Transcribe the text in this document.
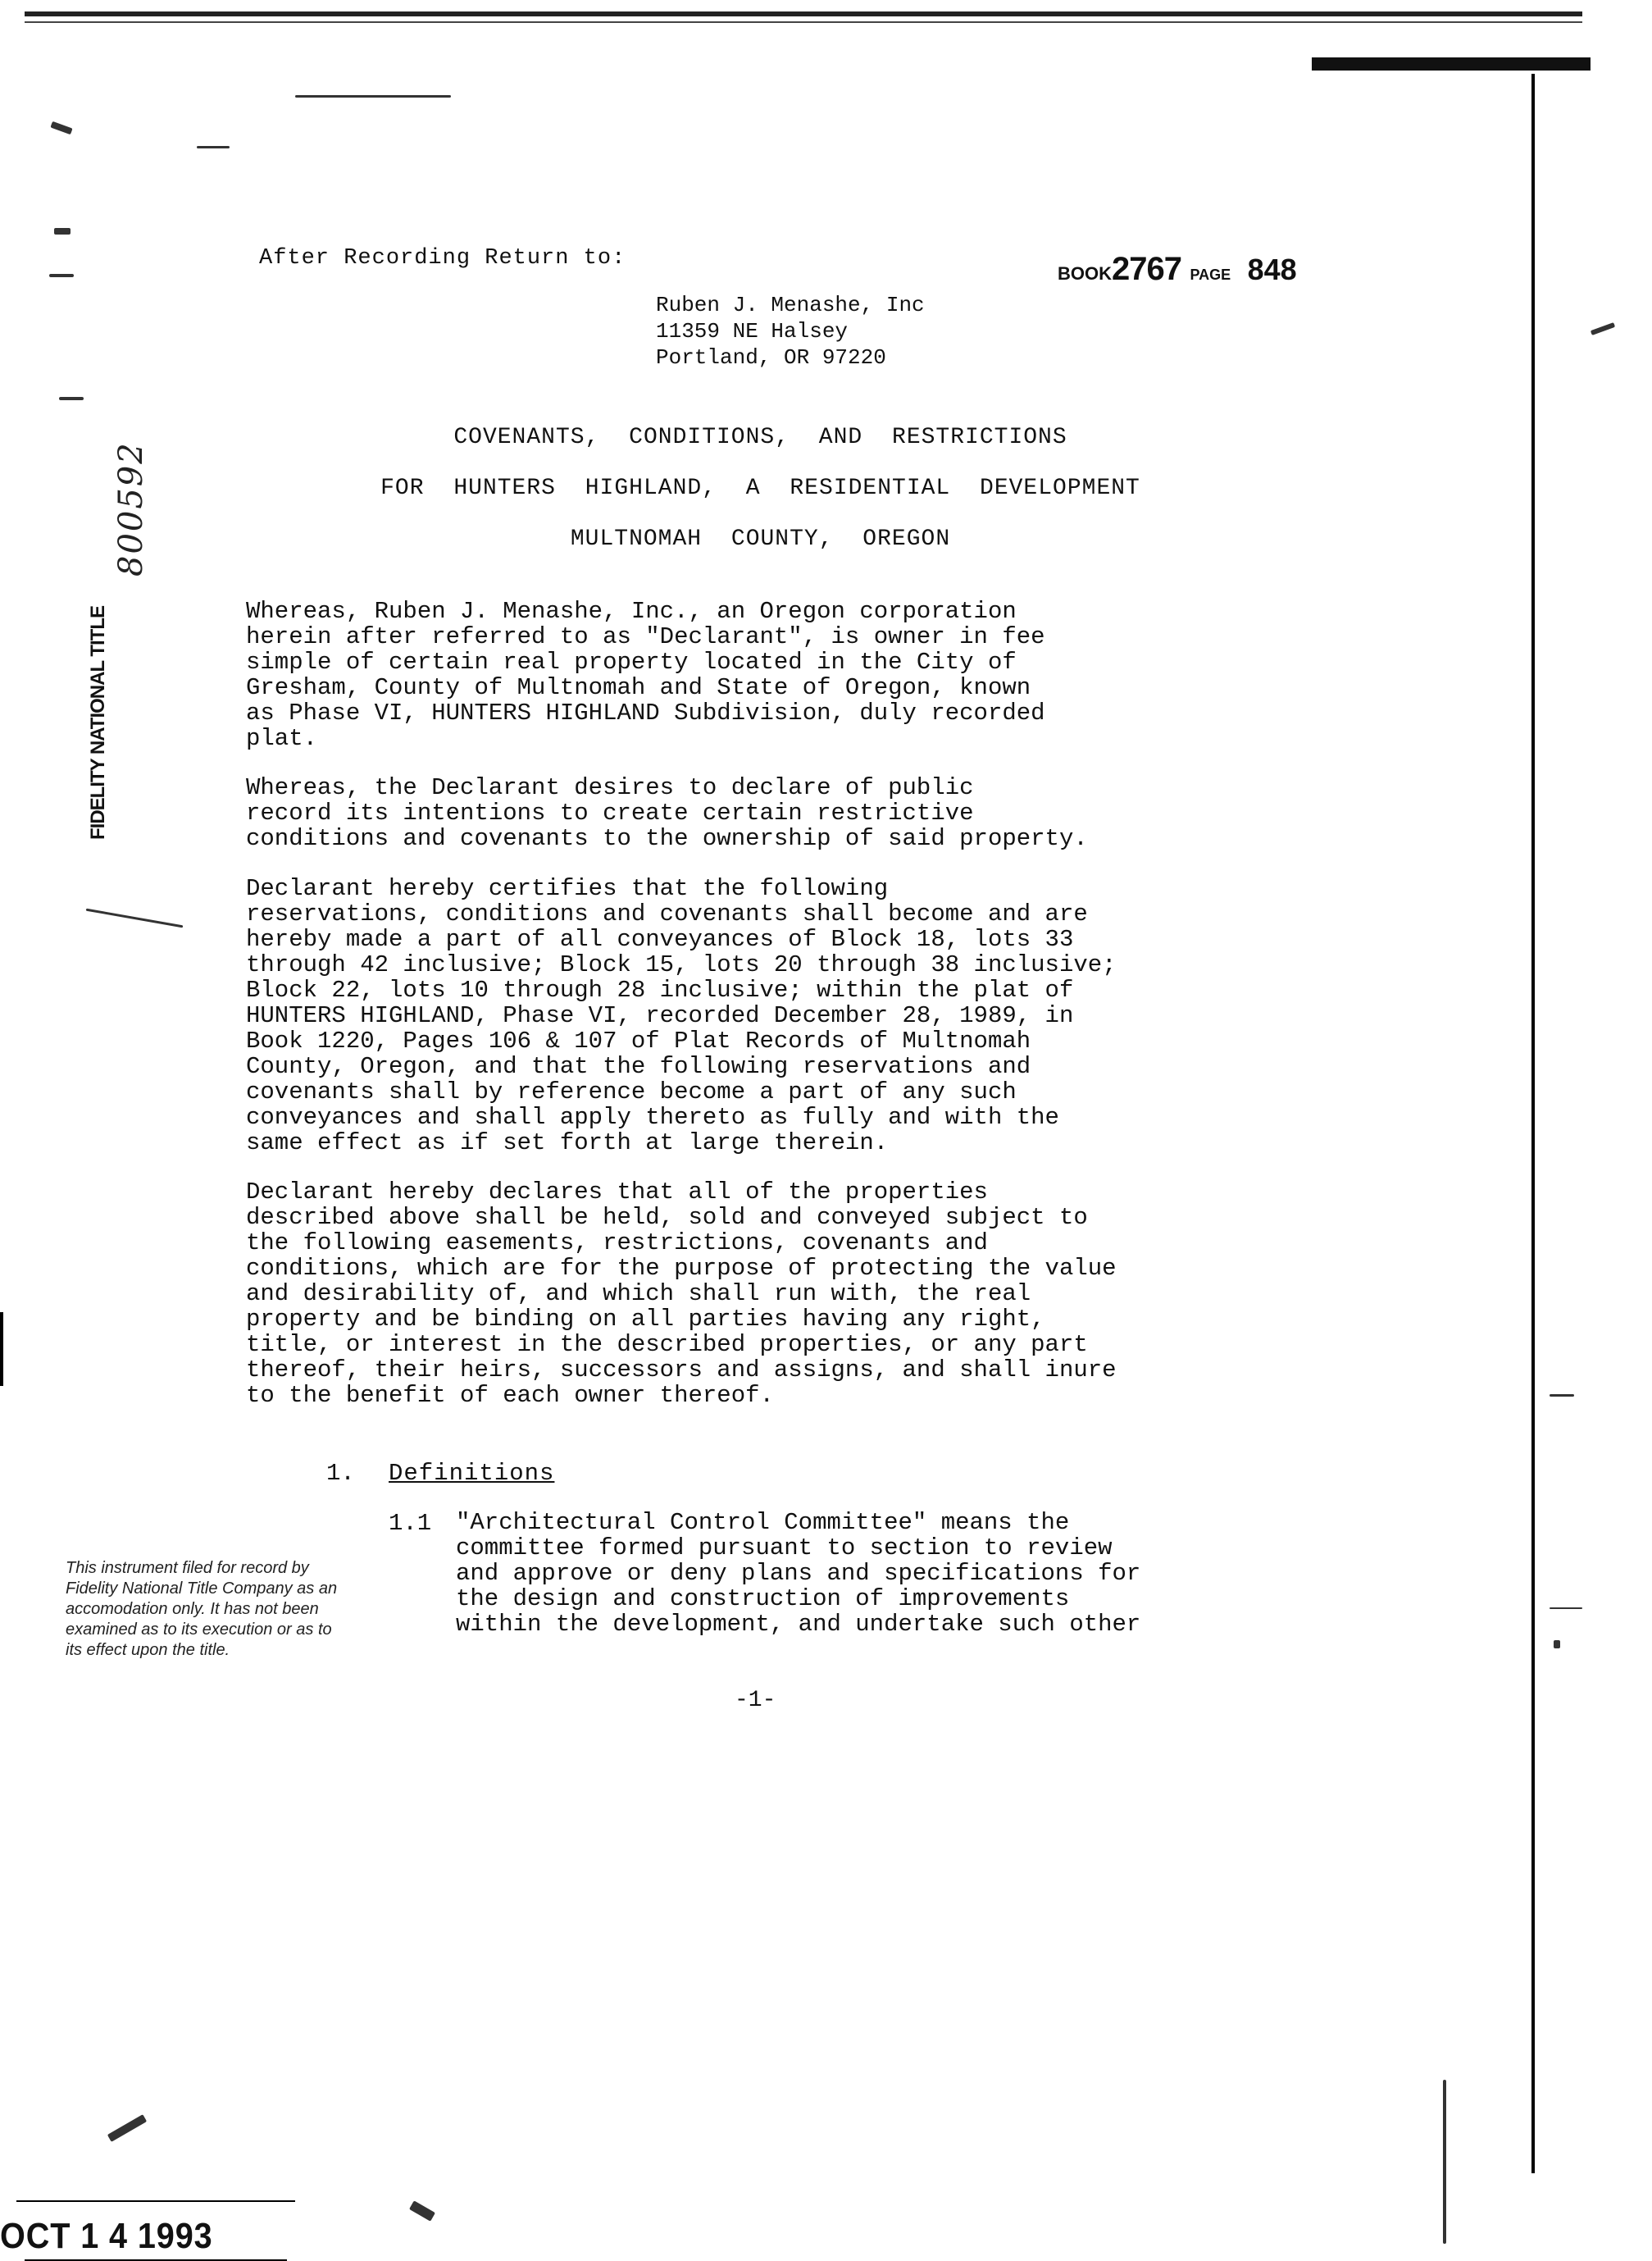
After Recording Return to:
BOOK2767 PAGE 848
Ruben J. Menashe, Inc
11359 NE Halsey
Portland, OR 97220
COVENANTS, CONDITIONS, AND RESTRICTIONS
FOR HUNTERS HIGHLAND, A RESIDENTIAL DEVELOPMENT
MULTNOMAH COUNTY, OREGON
Whereas, Ruben J. Menashe, Inc., an Oregon corporation
herein after referred to as "Declarant", is owner in fee
simple of certain real property located in the City of
Gresham, County of Multnomah and State of Oregon, known
as Phase VI, HUNTERS HIGHLAND Subdivision, duly recorded
plat.
Whereas, the Declarant desires to declare of public
record its intentions to create certain restrictive
conditions and covenants to the ownership of said property.
Declarant hereby certifies that the following
reservations, conditions and covenants shall become and are
hereby made a part of all conveyances of Block 18, lots 33
through 42 inclusive; Block 15, lots 20 through 38 inclusive;
Block 22, lots 10 through 28 inclusive; within the plat of
HUNTERS HIGHLAND, Phase VI, recorded December 28, 1989, in
Book 1220, Pages 106 & 107 of Plat Records of Multnomah
County, Oregon, and that the following reservations and
covenants shall by reference become a part of any such
conveyances and shall apply thereto as fully and with the
same effect as if set forth at large therein.
Declarant hereby declares that all of the properties
described above shall be held, sold and conveyed subject to
the following easements, restrictions, covenants and
conditions, which are for the purpose of protecting the value
and desirability of, and which shall run with, the real
property and be binding on all parties having any right,
title, or interest in the described properties, or any part
thereof, their heirs, successors and assigns, and shall inure
to the benefit of each owner thereof.
1. Definitions
1.1 "Architectural Control Committee" means the
committee formed pursuant to section to review
and approve or deny plans and specifications for
the design and construction of improvements
within the development, and undertake such other
This instrument filed for record by
Fidelity National Title Company as an
accomodation only. It has not been
examined as to its execution or as to
its effect upon the title.
-1-
FIDELITY NATIONAL TITLE
800592
OCT 1 4 1993
